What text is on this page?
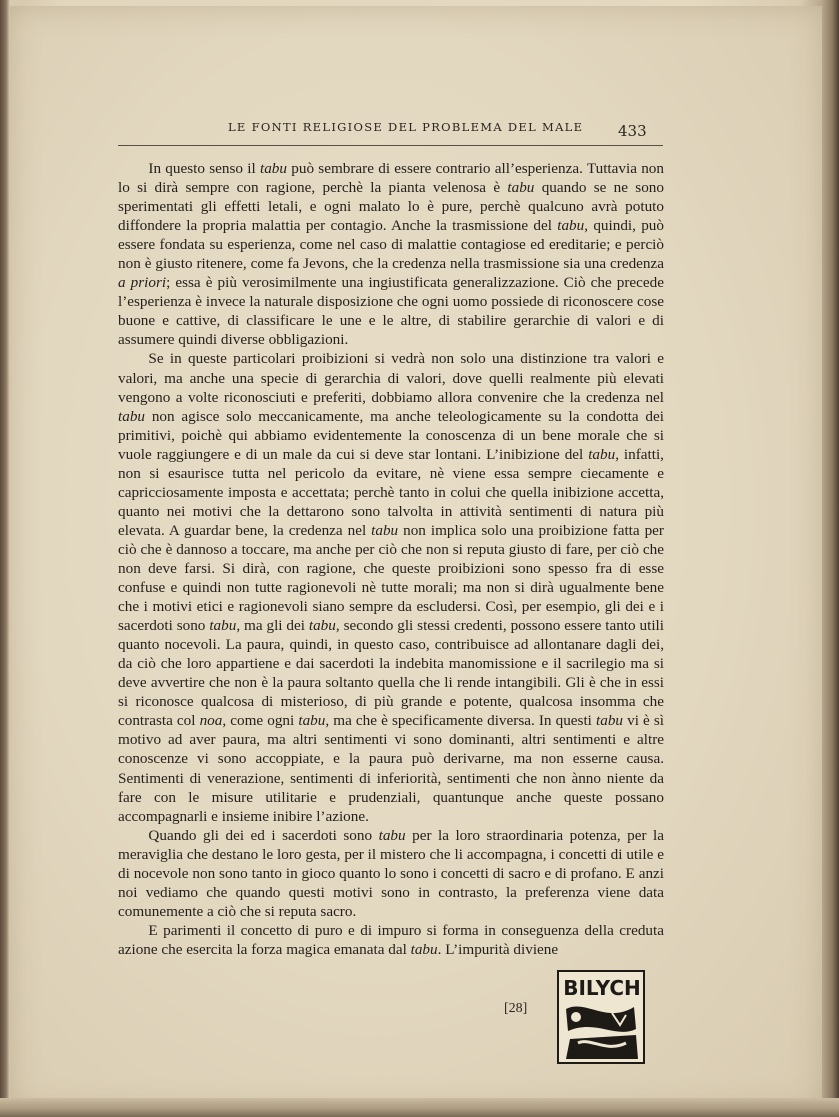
LE FONTI RELIGIOSE DEL PROBLEMA DEL MALE	433

In questo senso il tabu può sembrare di essere contrario all’esperienza. Tuttavia non lo si dirà sempre con ragione, perchè la pianta velenosa è tabu quando se ne sono sperimentati gli effetti letali, e ogni malato lo è pure, perchè qualcuno avrà potuto diffondere la propria malattia per contagio. Anche la trasmissione del tabu, quindi, può essere fondata su esperienza, come nel caso di malattie contagiose ed ereditarie; e perciò non è giusto ritenere, come fa Jevons, che la credenza nella trasmissione sia una credenza a priori; essa è più verosimilmente una ingiustificata generalizzazione. Ciò che precede l’esperienza è invece la naturale disposizione che ogni uomo possiede di riconoscere cose buone e cattive, di classificare le une e le altre, di stabilire gerarchie di valori e di assumere quindi diverse obbligazioni.

Se in queste particolari proibizioni si vedrà non solo una distinzione tra valori e valori, ma anche una specie di gerarchia di valori, dove quelli realmente più elevati vengono a volte riconosciuti e preferiti, dobbiamo allora convenire che la credenza nel tabu non agisce solo meccanicamente, ma anche teleologicamente su la condotta dei primitivi, poichè qui abbiamo evidentemente la conoscenza di un bene morale che si vuole raggiungere e di un male da cui si deve star lontani. L’inibizione del tabu, infatti, non si esaurisce tutta nel pericolo da evitare, nè viene essa sempre ciecamente e capricciosamente imposta e accettata; perchè tanto in colui che quella inibizione accetta, quanto nei motivi che la dettarono sono talvolta in attività sentimenti di natura più elevata. A guardar bene, la credenza nel tabu non implica solo una proibizione fatta per ciò che è dannoso a toccare, ma anche per ciò che non si reputa giusto di fare, per ciò che non deve farsi. Si dirà, con ragione, che queste proibizioni sono spesso fra di esse confuse e quindi non tutte ragionevoli nè tutte morali; ma non si dirà ugualmente bene che i motivi etici e ragionevoli siano sempre da escludersi. Così, per esempio, gli dei e i sacerdoti sono tabu, ma gli dei tabu, secondo gli stessi credenti, possono essere tanto utili quanto nocevoli. La paura, quindi, in questo caso, contribuisce ad allontanare dagli dei, da ciò che loro appartiene e dai sacerdoti la indebita manomissione e il sacrilegio ma si deve avvertire che non è la paura soltanto quella che li rende intangibili. Gli è che in essi si riconosce qualcosa di misterioso, di più grande e potente, qualcosa insomma che contrasta col noa, come ogni tabu, ma che è specificamente diversa. In questi tabu vi è sì motivo ad aver paura, ma altri sentimenti vi sono dominanti, altri sentimenti e altre conoscenze vi sono accoppiate, e la paura può derivarne, ma non esserne causa. Sentimenti di venerazione, sentimenti di inferiorità, sentimenti che non ànno niente da fare con le misure utilitarie e prudenziali, quantunque anche queste possano accompagnarli e insieme inibire l’azione.

Quando gli dei ed i sacerdoti sono tabu per la loro straordinaria potenza, per la meraviglia che destano le loro gesta, per il mistero che li accompagna, i concetti di utile e di nocevole non sono tanto in gioco quanto lo sono i concetti di sacro e di profano. E anzi noi vediamo che quando questi motivi sono in contrasto, la preferenza viene data comunemente a ciò che si reputa sacro.

E parimenti il concetto di puro e di impuro si forma in conseguenza della creduta azione che esercita la forza magica emanata dal tabu. L’impurità diviene

[28]
BILYCH
